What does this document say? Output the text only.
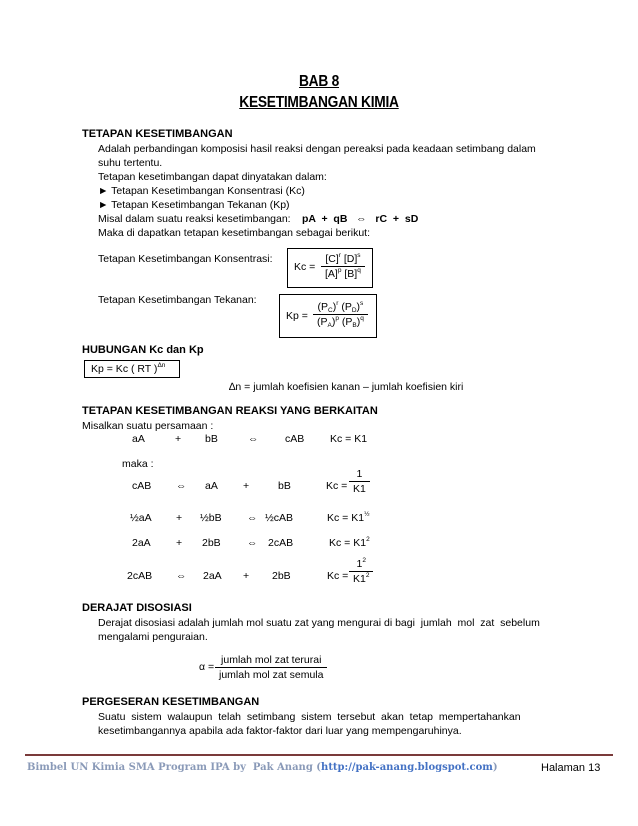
BAB 8
KESETIMBANGAN KIMIA
TETAPAN KESETIMBANGAN
Adalah perbandingan komposisi hasil reaksi dengan pereaksi pada keadaan setimbang dalam
suhu tertentu.
Tetapan kesetimbangan dapat dinyatakan dalam:
► Tetapan Kesetimbangan Konsentrasi (Kc)
► Tetapan Kesetimbangan Tekanan (Kp)
Misal dalam suatu reaksi kesetimbangan: pA  +  qB   ⇔   rC  +  sD
Maka di dapatkan tetapan kesetimbangan sebagai berikut:
Tetapan Kesetimbangan Konsentrasi:
$Kc = \frac{[C]^r [D]^s}{[A]^p [B]^q}$
Tetapan Kesetimbangan Tekanan:
$Kp = \frac{(P_C)^r (P_D)^s}{(P_A)^p (P_B)^q}$
HUBUNGAN Kc dan Kp
Kp = Kc ( RT )$^{\Delta n}$
∆n = jumlah koefisien kanan – jumlah koefisien kiri
TETAPAN KESETIMBANGAN REAKSI YANG BERKAITAN
Misalkan suatu persamaan :
aA	+ bB	⇔	cAB Kc = K1
maka :
cAB ⇔ aA +	bB	$Kc = \frac{1}{K1}$
½aA + ½bB ⇔ ½cAB	$Kc = K1^{\frac{1}{2}}$
2aA + 2bB	⇔ 2cAB	$Kc = K1^2$
2cAB ⇔ 2aA + 2bB	$Kc = \frac{1^2}{K1^2}$
DERAJAT DISOSIASI
Derajat disosiasi adalah jumlah mol suatu zat yang mengurai di bagi  jumlah  mol  zat  sebelum
mengalami penguraian.
α =
jumlah mol zat terurai
jumlah mol zat semula
PERGESERAN KESETIMBANGAN
Suatu  sistem  walaupun  telah  setimbang  sistem  tersebut  akan  tetap  mempertahankan
kesetimbangannya apabila ada faktor-faktor dari luar yang mempengaruhinya.
Bimbel UN Kimia SMA Program IPA by  Pak Anang (http://pak-anang.blogspot.com)	Halaman 13
